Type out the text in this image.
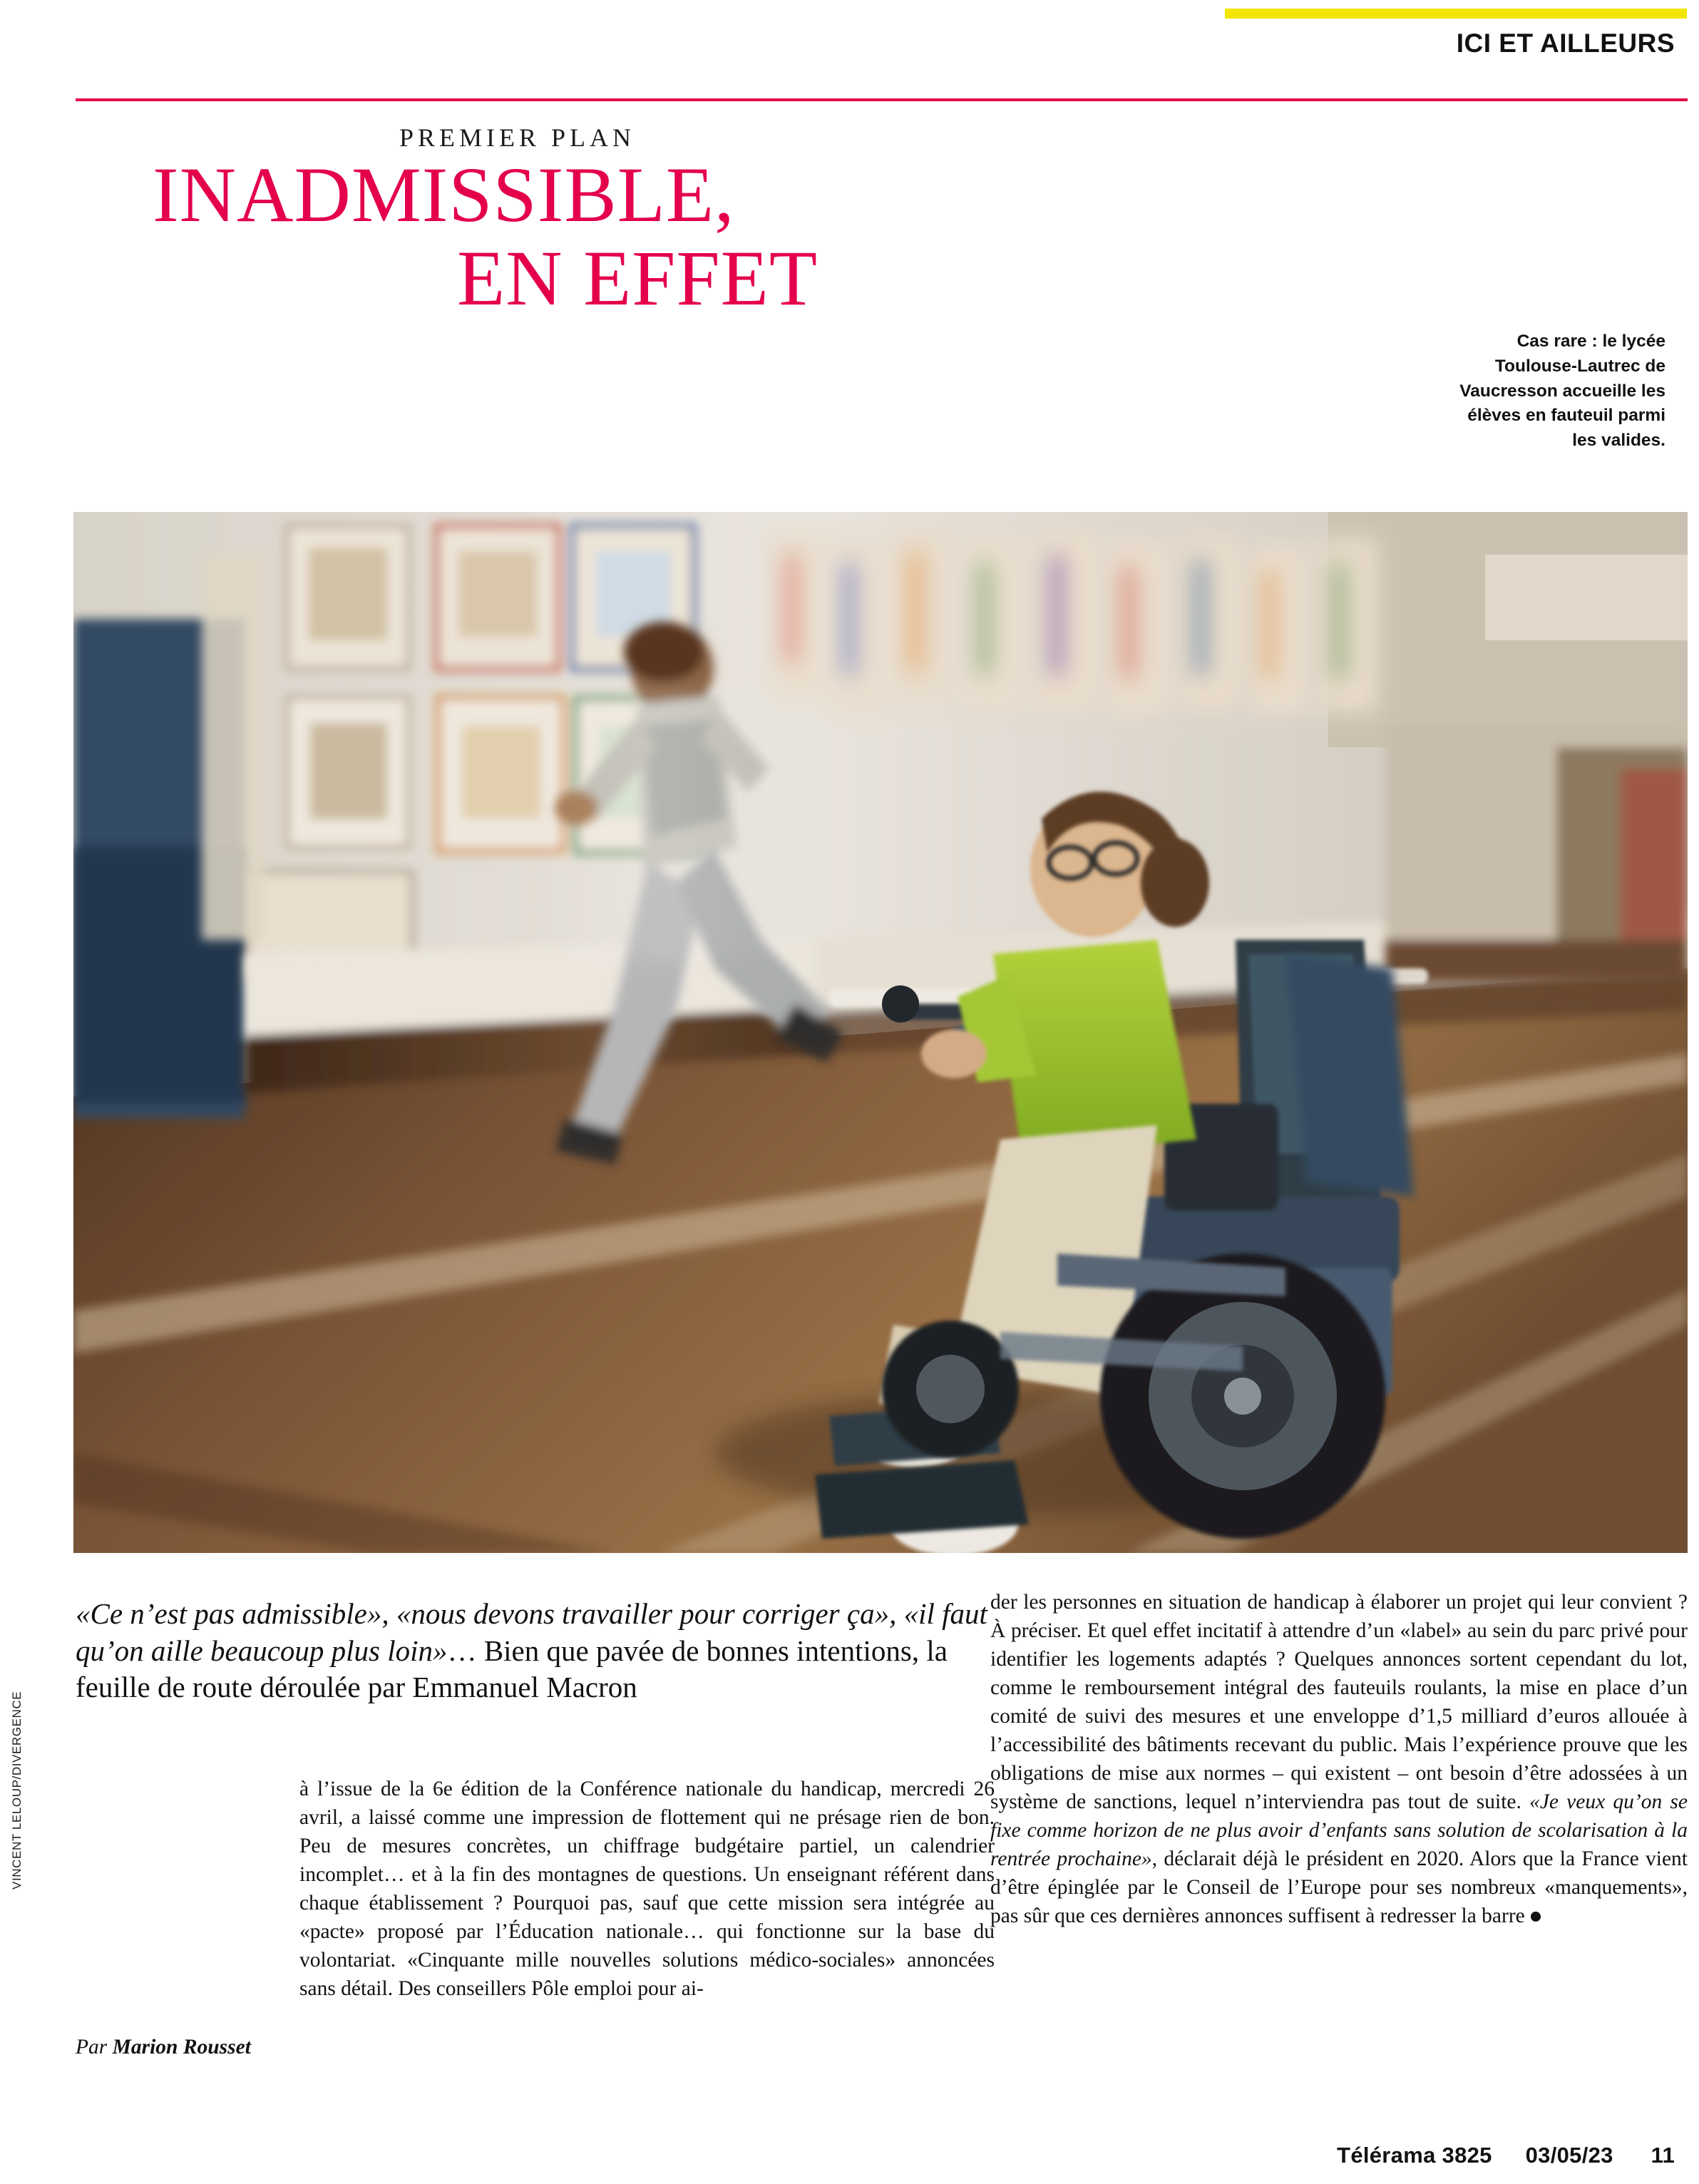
ICI ET AILLEURS
PREMIER PLAN
INADMISSIBLE,
EN EFFET
Cas rare : le lycée Toulouse-Lautrec de Vaucresson accueille les élèves en fauteuil parmi les valides.
VINCENT LELOUP/DIVERGENCE
«Ce n’est pas admissible», «nous devons travailler pour corriger ça», «il faut qu’on aille beaucoup plus loin»… Bien que pavée de bonnes intentions, la feuille de route déroulée par Emmanuel Macron
à l’issue de la 6e édition de la Conférence nationale du handicap, mercredi 26 avril, a laissé comme une impression de flottement qui ne présage rien de bon. Peu de mesures concrètes, un chiffrage budgétaire partiel, un calendrier incomplet… et à la fin des montagnes de questions. Un enseignant référent dans chaque établissement ? Pourquoi pas, sauf que cette mission sera intégrée au «pacte» proposé par l’Éducation nationale… qui fonctionne sur la base du volontariat. «Cinquante mille nouvelles solutions médico-sociales» annoncées sans détail. Des conseillers Pôle emploi pour ai-
der les personnes en situation de handicap à élaborer un projet qui leur convient ? À préciser. Et quel effet incitatif à attendre d’un «label» au sein du parc privé pour identifier les logements adaptés ? Quelques annonces sortent cependant du lot, comme le remboursement intégral des fauteuils roulants, la mise en place d’un comité de suivi des mesures et une enveloppe d’1,5 milliard d’euros allouée à l’accessibilité des bâtiments recevant du public. Mais l’expérience prouve que les obligations de mise aux normes – qui existent – ont besoin d’être adossées à un système de sanctions, lequel n’interviendra pas tout de suite. «Je veux qu’on se fixe comme horizon de ne plus avoir d’enfants sans solution de scolarisation à la rentrée prochaine», déclarait déjà le président en 2020. Alors que la France vient d’être épinglée par le Conseil de l’Europe pour ses nombreux «manquements», pas sûr que ces dernières annonces suffisent à redresser la barre
Par Marion Rousset
Télérama 3825 03/05/23 11
